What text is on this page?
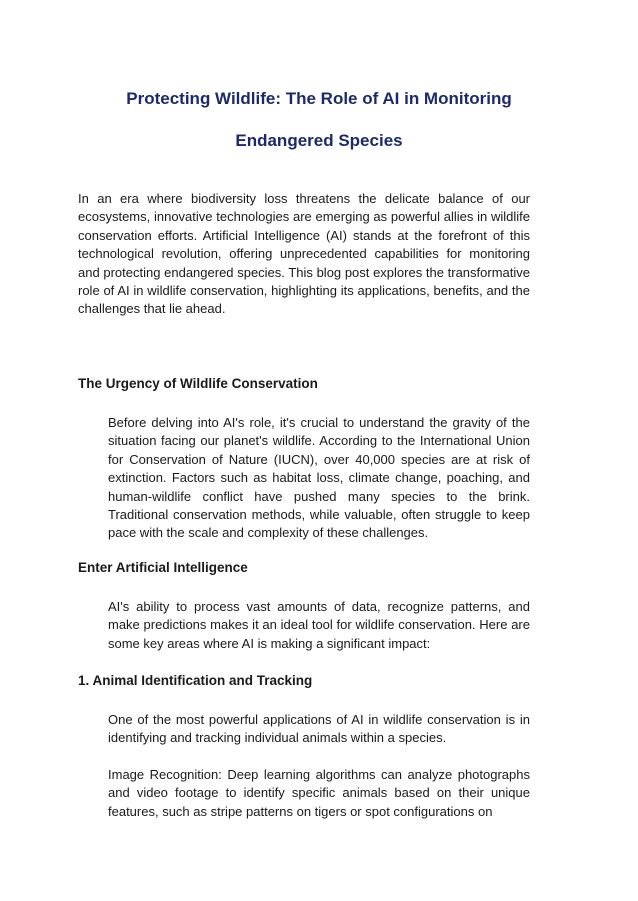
Protecting Wildlife: The Role of AI in Monitoring
Endangered Species

In an era where biodiversity loss threatens the delicate balance of our ecosystems, innovative technologies are emerging as powerful allies in wildlife conservation efforts. Artificial Intelligence (AI) stands at the forefront of this technological revolution, offering unprecedented capabilities for monitoring and protecting endangered species. This blog post explores the transformative role of AI in wildlife conservation, highlighting its applications, benefits, and the challenges that lie ahead.

The Urgency of Wildlife Conservation

Before delving into AI's role, it's crucial to understand the gravity of the situation facing our planet's wildlife. According to the International Union for Conservation of Nature (IUCN), over 40,000 species are at risk of extinction. Factors such as habitat loss, climate change, poaching, and human-wildlife conflict have pushed many species to the brink. Traditional conservation methods, while valuable, often struggle to keep pace with the scale and complexity of these challenges.

Enter Artificial Intelligence

AI's ability to process vast amounts of data, recognize patterns, and make predictions makes it an ideal tool for wildlife conservation. Here are some key areas where AI is making a significant impact:

1. Animal Identification and Tracking

One of the most powerful applications of AI in wildlife conservation is in identifying and tracking individual animals within a species.

Image Recognition: Deep learning algorithms can analyze photographs and video footage to identify specific animals based on their unique features, such as stripe patterns on tigers or spot configurations on
